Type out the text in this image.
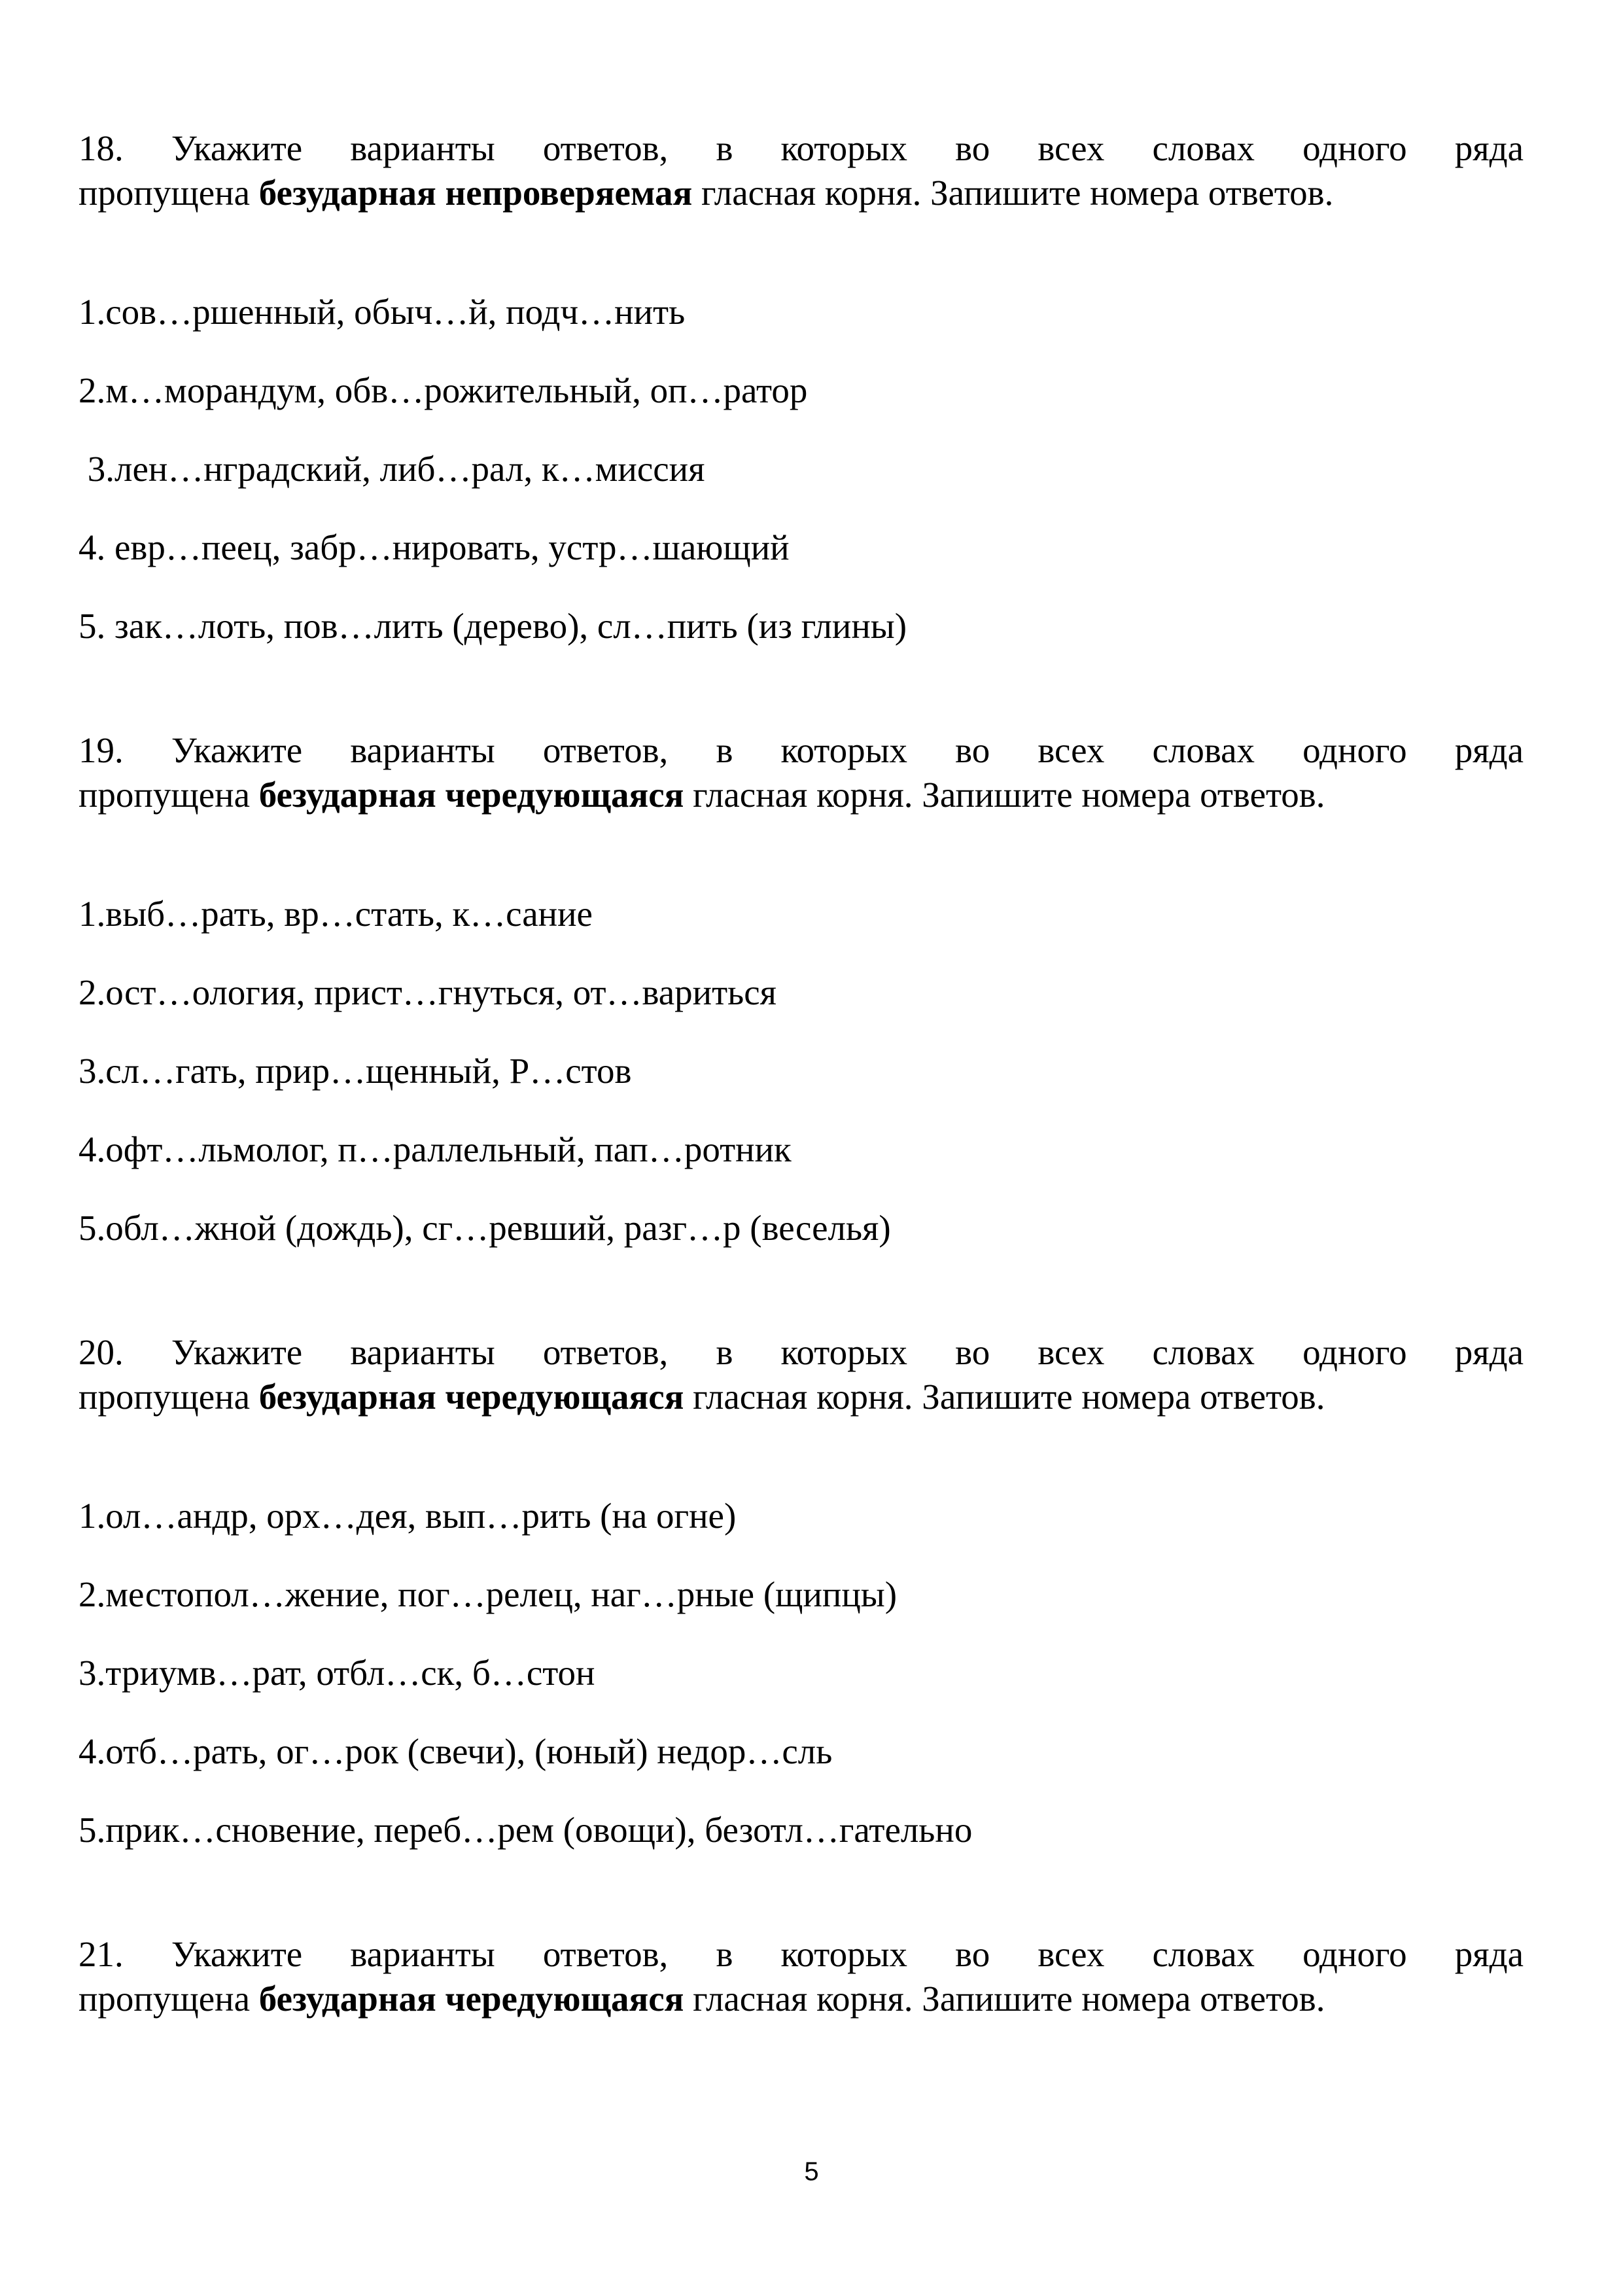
18. Укажите варианты ответов, в которых во всех словах одного ряда
пропущена безударная непроверяемая гласная корня. Запишите номера ответов.
1.сов…ршенный, обыч…й, подч…нить
2.м…морандум, обв…рожительный, оп…ратор
3.лен…нградский, либ…рал, к…миссия
4. евр…пеец, забр…нировать, устр…шающий
5. зак…лоть, пов…лить (дерево), сл…пить (из глины)
19. Укажите варианты ответов, в которых во всех словах одного ряда
пропущена безударная чередующаяся гласная корня. Запишите номера ответов.
1.выб…рать, вр…стать, к…сание
2.ост…ология, прист…гнуться, от…вариться
3.сл…гать, прир…щенный, Р…стов
4.офт…льмолог, п…раллельный, пап…ротник
5.обл…жной (дождь), сг…ревший, разг…р (веселья)
20. Укажите варианты ответов, в которых во всех словах одного ряда
пропущена безударная чередующаяся гласная корня. Запишите номера ответов.
1.ол…андр, орх…дея, вып…рить (на огне)
2.местопол…жение, пог…релец, наг…рные (щипцы)
3.триумв…рат, отбл…ск, б…стон
4.отб…рать, ог…рок (свечи), (юный) недор…сль
5.прик…сновение, переб…рем (овощи), безотл…гательно
21. Укажите варианты ответов, в которых во всех словах одного ряда
пропущена безударная чередующаяся гласная корня. Запишите номера ответов.
5
